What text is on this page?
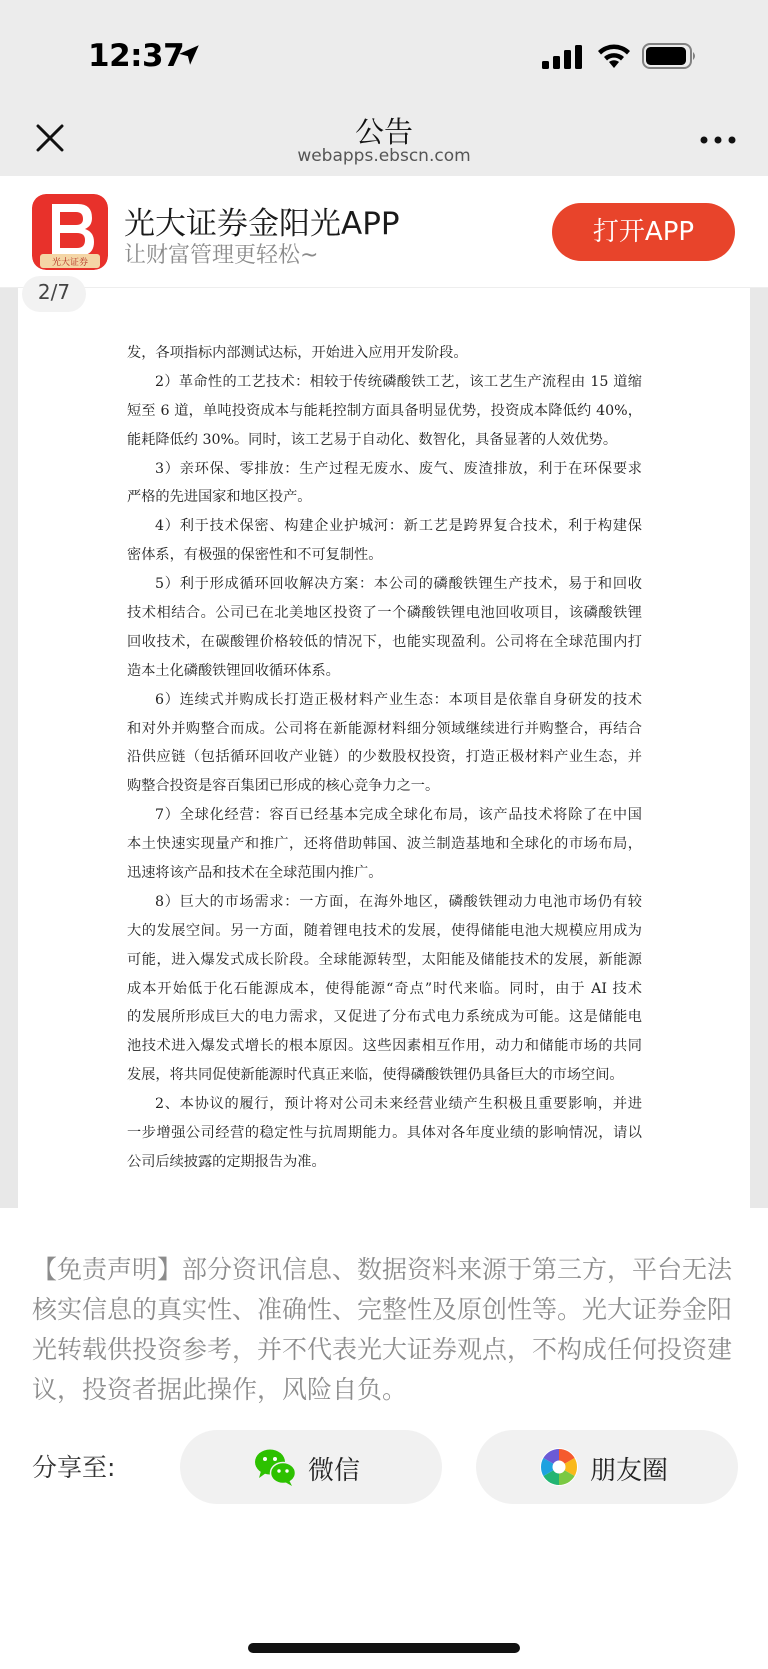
12:37
公告
webapps.ebscn.com
光大证券
光大证券金阳光APP
让财富管理更轻松~
打开APP
2/7
发，各项指标内部测试达标，开始进入应用开发阶段。
2）革命性的工艺技术：相较于传统磷酸铁工艺，该工艺生产流程由 15 道缩
短至 6 道，单吨投资成本与能耗控制方面具备明显优势，投资成本降低约 40%，
能耗降低约 30%。同时，该工艺易于自动化、数智化，具备显著的人效优势。
3）亲环保、零排放：生产过程无废水、废气、废渣排放，利于在环保要求
严格的先进国家和地区投产。
4）利于技术保密、构建企业护城河：新工艺是跨界复合技术，利于构建保
密体系，有极强的保密性和不可复制性。
5）利于形成循环回收解决方案：本公司的磷酸铁锂生产技术，易于和回收
技术相结合。公司已在北美地区投资了一个磷酸铁锂电池回收项目，该磷酸铁锂
回收技术，在碳酸锂价格较低的情况下，也能实现盈利。公司将在全球范围内打
造本土化磷酸铁锂回收循环体系。
6）连续式并购成长打造正极材料产业生态：本项目是依靠自身研发的技术
和对外并购整合而成。公司将在新能源材料细分领域继续进行并购整合，再结合
沿供应链（包括循环回收产业链）的少数股权投资，打造正极材料产业生态，并
购整合投资是容百集团已形成的核心竞争力之一。
7）全球化经营：容百已经基本完成全球化布局，该产品技术将除了在中国
本土快速实现量产和推广，还将借助韩国、波兰制造基地和全球化的市场布局，
迅速将该产品和技术在全球范围内推广。
8）巨大的市场需求：一方面，在海外地区，磷酸铁锂动力电池市场仍有较
大的发展空间。另一方面，随着锂电技术的发展，使得储能电池大规模应用成为
可能，进入爆发式成长阶段。全球能源转型，太阳能及储能技术的发展，新能源
成本开始低于化石能源成本，使得能源“奇点”时代来临。同时，由于 AI 技术
的发展所形成巨大的电力需求，又促进了分布式电力系统成为可能。这是储能电
池技术进入爆发式增长的根本原因。这些因素相互作用，动力和储能市场的共同
发展，将共同促使新能源时代真正来临，使得磷酸铁锂仍具备巨大的市场空间。
2、本协议的履行，预计将对公司未来经营业绩产生积极且重要影响，并进
一步增强公司经营的稳定性与抗周期能力。具体对各年度业绩的影响情况，请以
公司后续披露的定期报告为准。
【免责声明】部分资讯信息、数据资料来源于第三方，平台无法核实信息的真实性、准确性、完整性及原创性等。光大证券金阳光转载供投资参考，并不代表光大证券观点，不构成任何投资建议，投资者据此操作，风险自负。
分享至:	微信	朋友圈
